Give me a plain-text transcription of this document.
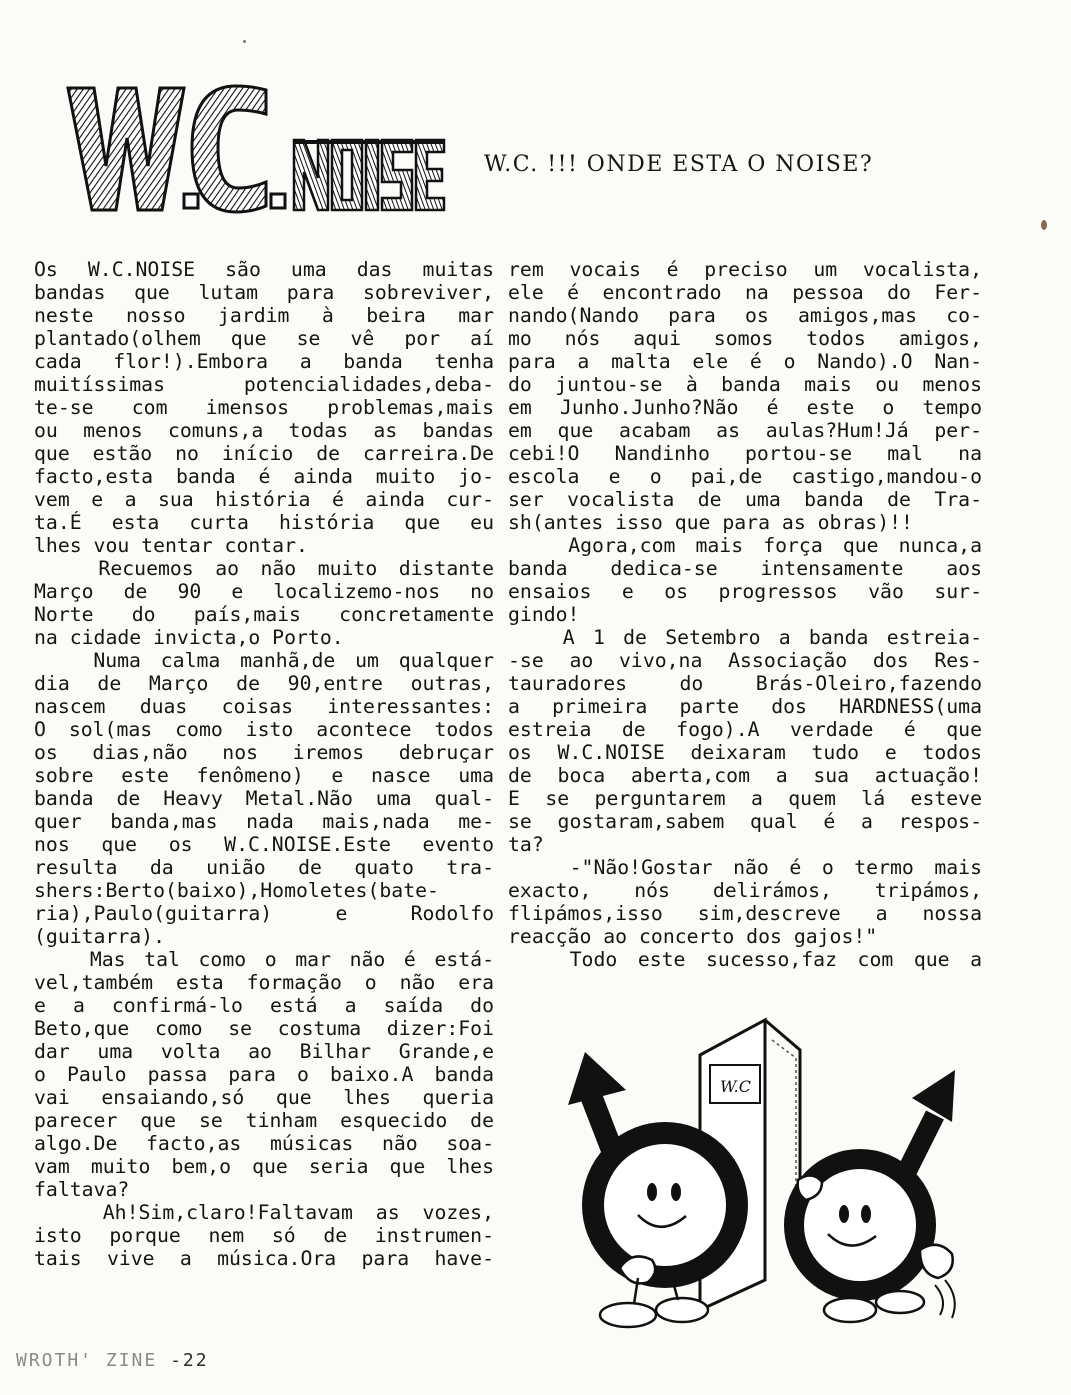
W.C. !!! ONDE ESTA O NOISE?
Os W.C.NOISE são uma das muitas
bandas que lutam para sobreviver,
neste nosso jardim à beira mar
plantado(olhem que se vê por aí
cada flor!).Embora a banda tenha
muitíssimas potencialidades,deba-
te-se com imensos problemas,mais
ou menos comuns,a todas as bandas
que estão no início de carreira.De
facto,esta banda é ainda muito jo-
vem e a sua história é ainda cur-
ta.É esta curta história que eu
lhes vou tentar contar.
Recuemos ao não muito distante
Março de 90 e localizemo-nos no
Norte do país,mais concretamente
na cidade invicta,o Porto.
Numa calma manhã,de um qualquer
dia de Março de 90,entre outras,
nascem duas coisas interessantes:
O sol(mas como isto acontece todos
os dias,não nos iremos debruçar
sobre este fenômeno) e nasce uma
banda de Heavy Metal.Não uma qual-
quer banda,mas nada mais,nada me-
nos que os W.C.NOISE.Este evento
resulta da união de quato tra-
shers:Berto(baixo),Homoletes(bate-
ria),Paulo(guitarra) e Rodolfo
(guitarra).
Mas tal como o mar não é está-
vel,também esta formação o não era
e a confirmá-lo está a saída do
Beto,que como se costuma dizer:Foi
dar uma volta ao Bilhar Grande,e
o Paulo passa para o baixo.A banda
vai ensaiando,só que lhes queria
parecer que se tinham esquecido de
algo.De facto,as músicas não soa-
vam muito bem,o que seria que lhes
faltava?
Ah!Sim,claro!Faltavam as vozes,
isto porque nem só de instrumen-
tais vive a música.Ora para have-
rem vocais é preciso um vocalista,
ele é encontrado na pessoa do Fer-
nando(Nando para os amigos,mas co-
mo nós aqui somos todos amigos,
para a malta ele é o Nando).O Nan-
do juntou-se à banda mais ou menos
em Junho.Junho?Não é este o tempo
em que acabam as aulas?Hum!Já per-
cebi!O Nandinho portou-se mal na
escola e o pai,de castigo,mandou-o
ser vocalista de uma banda de Tra-
sh(antes isso que para as obras)!!
Agora,com mais força que nunca,a
banda dedica-se intensamente aos
ensaios e os progressos vão sur-
gindo!
A 1 de Setembro a banda estreia-
-se ao vivo,na Associação dos Res-
tauradores do Brás-Oleiro,fazendo
a primeira parte dos HARDNESS(uma
estreia de fogo).A verdade é que
os W.C.NOISE deixaram tudo e todos
de boca aberta,com a sua actuação!
E se perguntarem a quem lá esteve
se gostaram,sabem qual é a respos-
ta?
-"Não!Gostar não é o termo mais
exacto, nós delirámos, tripámos,
flipámos,isso sim,descreve a nossa
reacção ao concerto dos gajos!"
Todo este sucesso,faz com que a
W.C
WROTH' ZINE -22
